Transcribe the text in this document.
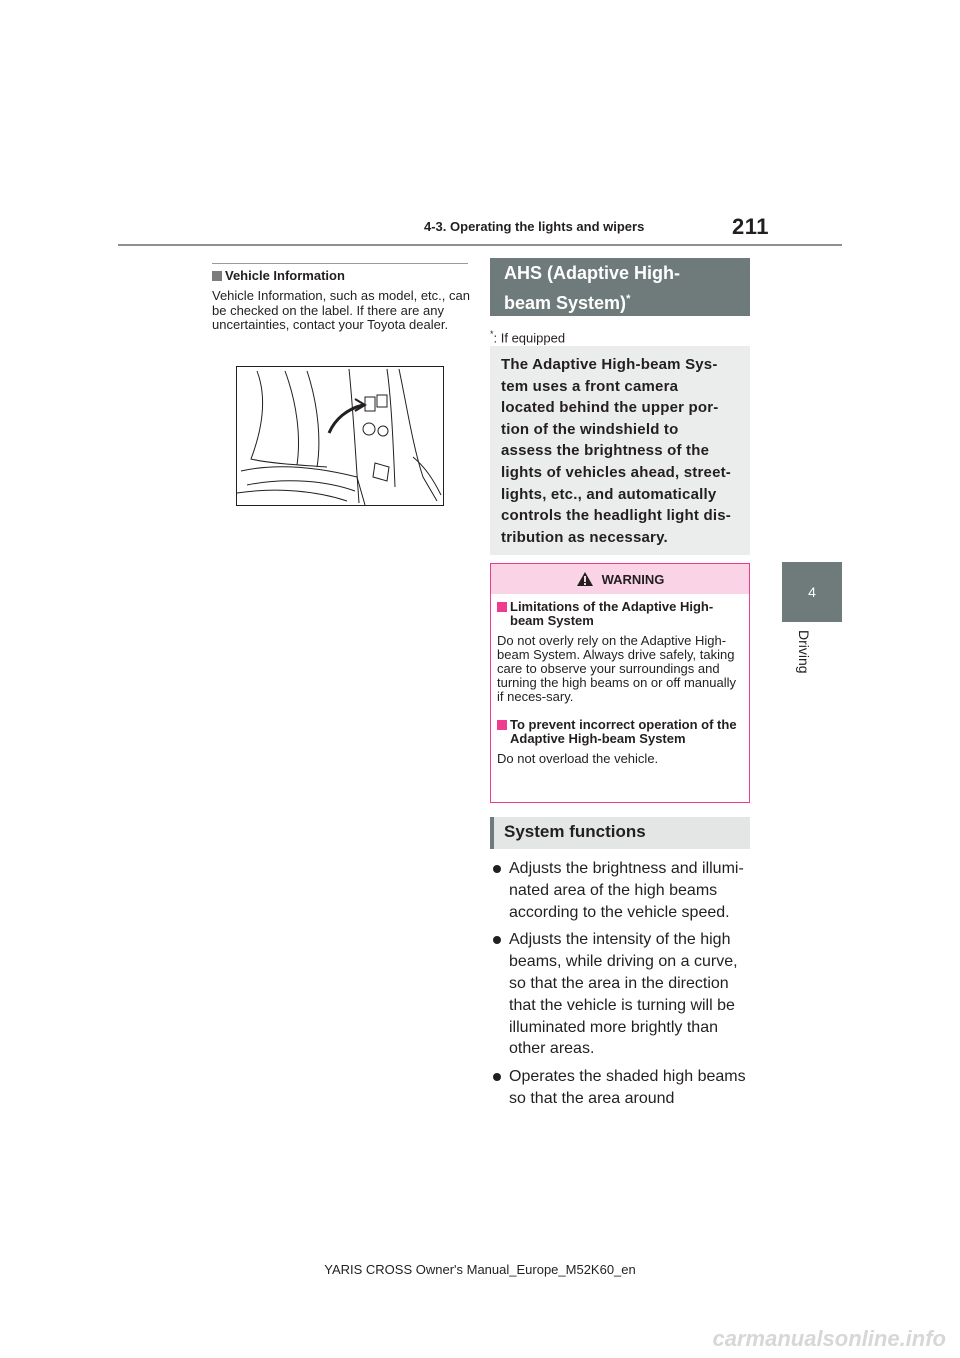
4-3. Operating the lights and wipers	211
4
Driving
Vehicle Information
Vehicle Information, such as model, etc., can be checked on the label. If there are any uncertainties, contact your Toyota dealer.
AHS (Adaptive High-
beam System)*
*: If equipped
The Adaptive High-beam Sys-
tem uses a front camera
located behind the upper por-
tion of the windshield to
assess the brightness of the
lights of vehicles ahead, street-
lights, etc., and automatically
controls the headlight light dis-
tribution as necessary.
WARNING
Limitations of the Adaptive High-beam System
Do not overly rely on the Adaptive High-beam System. Always drive safely, taking care to observe your surroundings and turning the high beams on or off manually if neces-sary.
To prevent incorrect operation of the Adaptive High-beam System
Do not overload the vehicle.
System functions
Adjusts the brightness and illumi-nated area of the high beams according to the vehicle speed.
Adjusts the intensity of the high beams, while driving on a curve, so that the area in the direction that the vehicle is turning will be illuminated more brightly than other areas.
Operates the shaded high beams so that the area around
YARIS CROSS Owner's Manual_Europe_M52K60_en
carmanualsonline.info
